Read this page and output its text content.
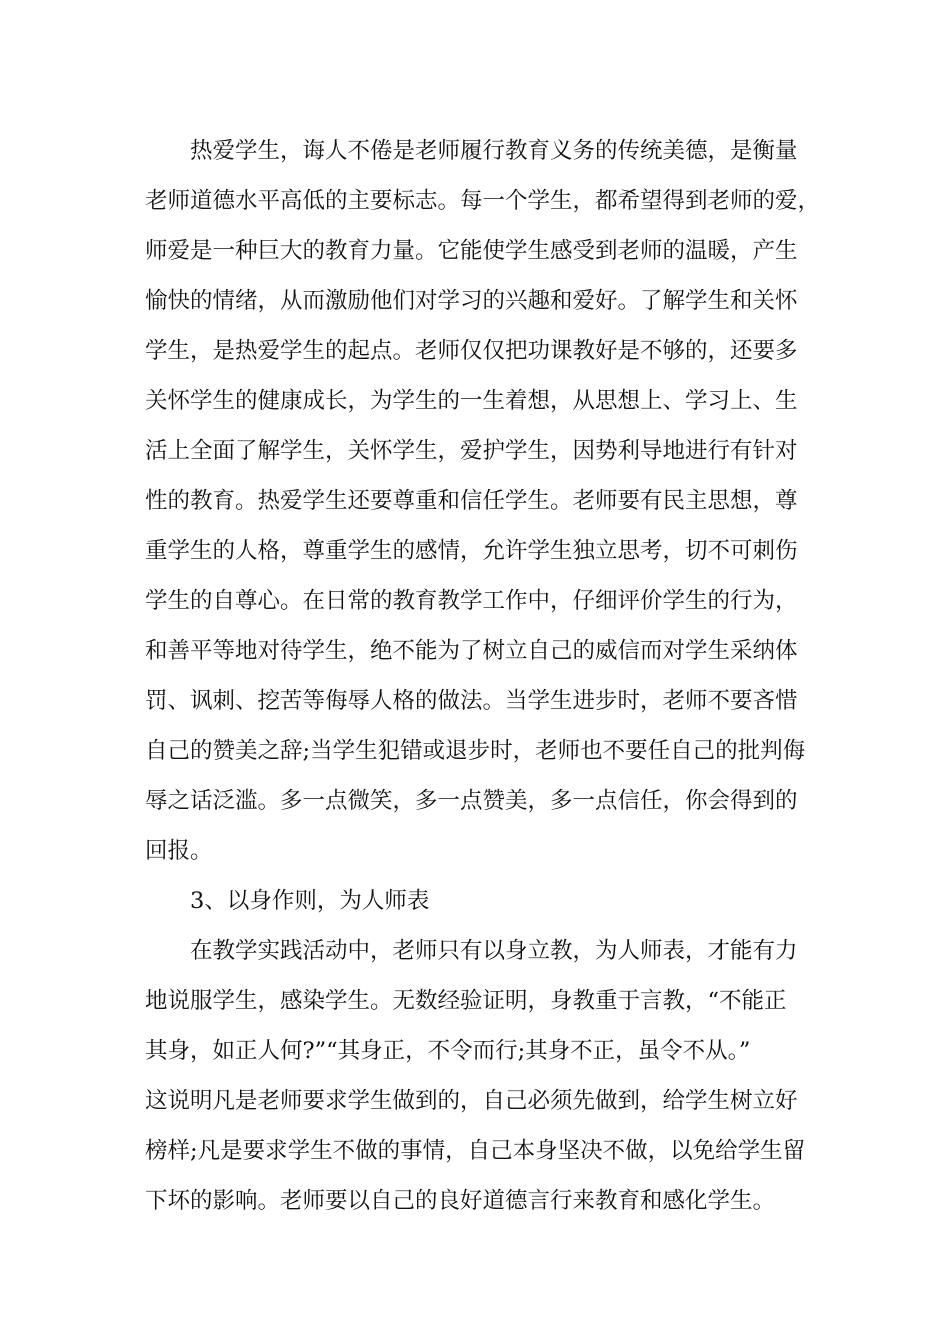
热爱学生，诲人不倦是老师履行教育义务的传统美德，是衡量
老师道德水平高低的主要标志。每一个学生，都希望得到老师的爱，
师爱是一种巨大的教育力量。它能使学生感受到老师的温暖，产生
愉快的情绪，从而激励他们对学习的兴趣和爱好。了解学生和关怀
学生，是热爱学生的起点。老师仅仅把功课教好是不够的，还要多
关怀学生的健康成长，为学生的一生着想，从思想上、学习上、生
活上全面了解学生，关怀学生，爱护学生，因势利导地进行有针对
性的教育。热爱学生还要尊重和信任学生。老师要有民主思想，尊
重学生的人格，尊重学生的感情，允许学生独立思考，切不可刺伤
学生的自尊心。在日常的教育教学工作中，仔细评价学生的行为，
和善平等地对待学生，绝不能为了树立自己的威信而对学生采纳体
罚、讽刺、挖苦等侮辱人格的做法。当学生进步时，老师不要吝惜
自己的赞美之辞;当学生犯错或退步时，老师也不要任自己的批判侮
辱之话泛滥。多一点微笑，多一点赞美，多一点信任，你会得到的
回报。
3、以身作则，为人师表
在教学实践活动中，老师只有以身立教，为人师表，才能有力
地说服学生，感染学生。无数经验证明，身教重于言教，“不能正
其身，如正人何?”“其身正，不令而行;其身不正，虽令不从。”
这说明凡是老师要求学生做到的，自己必须先做到，给学生树立好
榜样;凡是要求学生不做的事情，自己本身坚决不做，以免给学生留
下坏的影响。老师要以自己的良好道德言行来教育和感化学生。
